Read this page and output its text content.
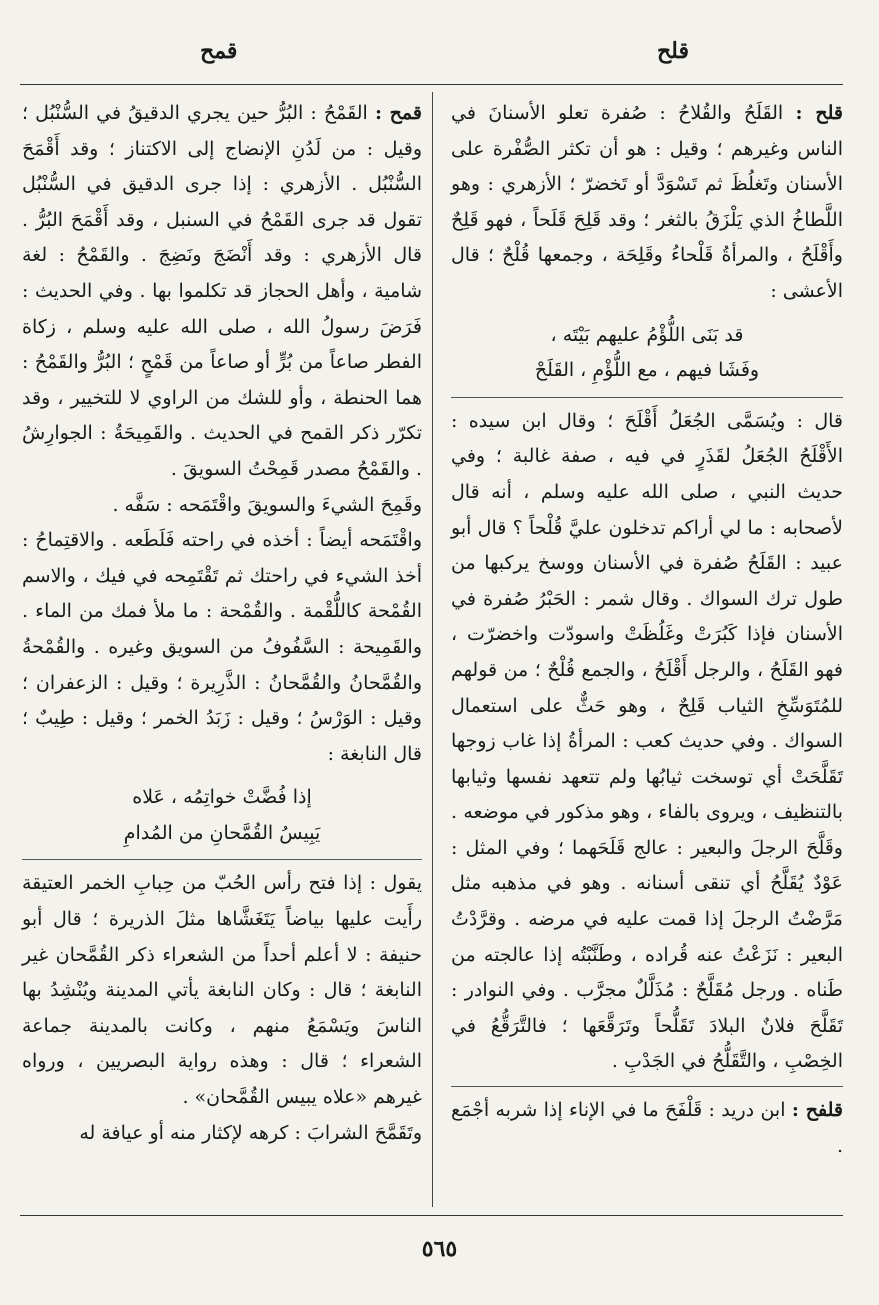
قلح
قمح

قلح : القَلَحُ والقُلاحُ : صُفرة تعلو الأسنانَ في الناس وغيرهم ؛ وقيل : هو أن تكثر الصُّفْرة على الأسنان وتَغلُظَ ثم تَسْوَدَّ أو تَخضرّ ؛ الأزهري : وهو اللَّطاخُ الذي يَلْزَقُ بالثغر ؛ وقد قَلِحَ قَلَحاً ، فهو قَلِحٌ وأَقْلَحُ ، والمرأةُ قَلْحاءُ وقَلِحَة ، وجمعها قُلْحٌ ؛ قال الأعشى :

قد بَنَى اللُّؤْمُ عليهم بَيْتَه ،

وفَشَا فيهم ، مع اللُّؤْمِ ، القَلَحْ

قال : ويُسَمَّى الجُعَلُ أَقْلَحَ ؛ وقال ابن سيده : الأَقْلَحُ الجُعَلُ لقَذَرٍ في فيه ، صفة غالبة ؛ وفي حديث النبي ، صلى الله عليه وسلم ، أنه قال لأصحابه : ما لي أراكم تدخلون عليَّ قُلْحاً ؟ قال أبو عبيد : القَلَحُ صُفرة في الأسنان ووسخ يركبها من طول ترك السواك . وقال شمر : الحَبْرُ صُفرة في الأسنان فإذا كَبُرَتْ وغَلُظَتْ واسودّت واخضرّت ، فهو القَلَحُ ، والرجل أَقْلَحُ ، والجمع قُلْحٌ ؛ من قولهم للمُتَوَسِّخِ الثياب قَلِحٌ ، وهو حَثٌّ على استعمال السواك . وفي حديث كعب : المرأةُ إذا غاب زوجها تَقَلَّحَتْ أي توسخت ثيابُها ولم تتعهد نفسها وثيابها بالتنظيف ، ويروى بالفاء ، وهو مذكور في موضعه . وقَلَّحَ الرجلَ والبعير : عالج قَلَحَهما ؛ وفي المثل : عَوْدٌ يُقَلَّحُ أي تنقى أسنانه . وهو في مذهبه مثل مَرَّضْتُ الرجلَ إذا قمت عليه في مرضه . وقرَّدْتُ البعير : نَزَعْتُ عنه قُراده ، وطَنَّبْتُه إذا عالجته من طَناه . ورجل مُقَلَّحٌ : مُذَلَّلٌ مجرَّب . وفي النوادر : تَقَلَّحَ فلانٌ البلادَ تَقَلُّحاً وتَرَقَّعَها ؛ فالتَّرَقُّعُ في الخِصْبِ ، والتَّقَلُّحُ في الجَدْبِ .

قلفح : ابن دريد : قَلْفَحَ ما في الإناء إذا شربه أجْمَع .

قمح : القَمْحُ : البُرُّ حين يجري الدقيقُ في السُّنْبُل ؛ وقيل : من لَدُنِ الإنضاج إلى الاكتناز ؛ وقد أَقْمَحَ السُّنْبُل . الأزهري : إذا جرى الدقيق في السُّنْبُل تقول قد جرى القَمْحُ في السنبل ، وقد أَقْمَحَ البُرُّ . قال الأزهري : وقد أَنْضَجَ ونَضِجَ . والقَمْحُ : لغة شامية ، وأهل الحجاز قد تكلموا بها . وفي الحديث : فَرَضَ رسولُ الله ، صلى الله عليه وسلم ، زكاة الفطر صاعاً من بُرٍّ أو صاعاً من قَمْحٍ ؛ البُرُّ والقَمْحُ : هما الحنطة ، وأو للشك من الراوي لا للتخيير ، وقد تكرّر ذكر القمح في الحديث . والقَمِيحَةُ : الجوارِشُ . والقَمْحُ مصدر قَمِحْتُ السويقَ .

وقَمِحَ الشيءَ والسويقَ واقْتَمَحه : سَفَّه .

واقْتَمَحه أيضاً : أخذه في راحته فَلَطَعه . والاقتِماحُ : أخذ الشيء في راحتك ثم تَقْتَمِحه في فيك ، والاسم القُمْحة كاللُّقْمة . والقُمْحة : ما ملأ فمك من الماء . والقَمِيحة : السَّفُوفُ من السويق وغيره . والقُمْحةُ والقُمَّحانُ والقُمَّحانُ : الذَّرِيرة ؛ وقيل : الزعفران ؛ وقيل : الوَرْسُ ؛ وقيل : زَبَدُ الخمر ؛ وقيل : طِيبٌ ؛ قال النابغة :

إذا فُضَّتْ خواتِمُه ، عَلاه

يَبِيسُ القُمَّحانِ من المُدامِ

يقول : إذا فتح رأس الحُبّ من حِبابِ الخمر العتيقة رأَيت عليها بياضاً يَتَغَشَّاها مثلَ الذريرة ؛ قال أبو حنيفة : لا أعلم أحداً من الشعراء ذكر القُمَّحان غير النابغة ؛ قال : وكان النابغة يأتي المدينة ويُنْشِدُ بها الناسَ ويَسْمَعُ منهم ، وكانت بالمدينة جماعة الشعراء ؛ قال : وهذه رواية البصريين ، ورواه غيرهم «علاه يبيس القُمَّحان» .

وتَقَمَّحَ الشرابَ : كرهه لإكثار منه أو عيافة له

٥٦٥
